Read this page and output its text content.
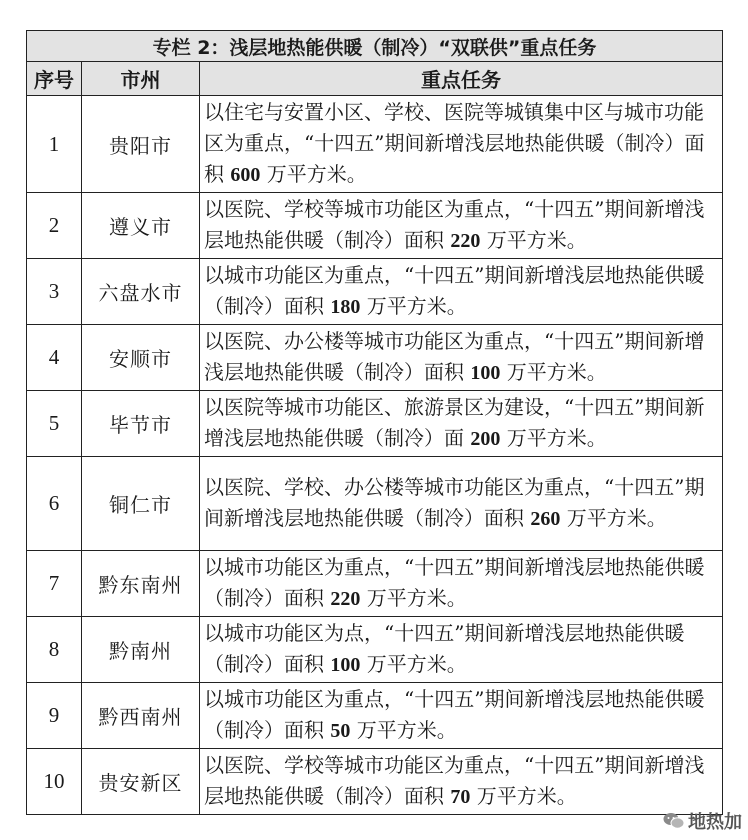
专栏 2：浅层地热能供暖（制冷）“双联供”重点任务		
序号	市州	重点任务
1	贵阳市	以住宅与安置小区、学校、医院等城镇集中区与城市功能区为重点，“十四五”期间新增浅层地热能供暖（制冷）面积 600 万平方米。
2	遵义市	以医院、学校等城市功能区为重点，“十四五”期间新增浅层地热能供暖（制冷）面积 220 万平方米。
3	六盘水市	以城市功能区为重点，“十四五”期间新增浅层地热能供暖（制冷）面积 180 万平方米。
4	安顺市	以医院、办公楼等城市功能区为重点，“十四五”期间新增浅层地热能供暖（制冷）面积 100 万平方米。
5	毕节市	以医院等城市功能区、旅游景区为建设，“十四五”期间新增浅层地热能供暖（制冷）面 200 万平方米。
6	铜仁市	以医院、学校、办公楼等城市功能区为重点，“十四五”期间新增浅层地热能供暖（制冷）面积 260 万平方米。
7	黔东南州	以城市功能区为重点，“十四五”期间新增浅层地热能供暖（制冷）面积 220 万平方米。
8	黔南州	以城市功能区为点，“十四五”期间新增浅层地热能供暖（制冷）面积 100 万平方米。
9	黔西南州	以城市功能区为重点，“十四五”期间新增浅层地热能供暖（制冷）面积 50 万平方米。
10	贵安新区	以医院、学校等城市功能区为重点，“十四五”期间新增浅层地热能供暖（制冷）面积 70 万平方米。
地热加
